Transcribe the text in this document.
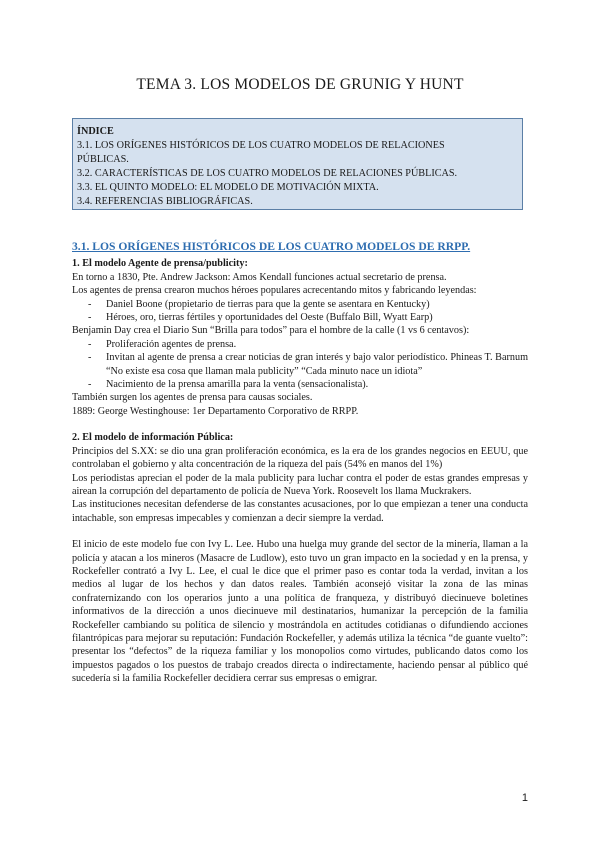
TEMA 3. LOS MODELOS DE GRUNIG Y HUNT
ÍNDICE
3.1. LOS ORÍGENES HISTÓRICOS DE LOS CUATRO MODELOS DE RELACIONES
PÚBLICAS.
3.2. CARACTERÍSTICAS DE LOS CUATRO MODELOS DE RELACIONES PÚBLICAS.
3.3. EL QUINTO MODELO: EL MODELO DE MOTIVACIÓN MIXTA.
3.4. REFERENCIAS BIBLIOGRÁFICAS.
3.1. LOS ORÍGENES HISTÓRICOS DE LOS CUATRO MODELOS DE RRPP.

1. El modelo Agente de prensa/publicity:

En torno a 1830, Pte. Andrew Jackson: Amos Kendall funciones actual secretario de prensa.

Los agentes de prensa crearon muchos héroes populares acrecentando mitos y fabricando leyendas:

- Daniel Boone (propietario de tierras para que la gente se asentara en Kentucky)
- Héroes, oro, tierras fértiles y oportunidades del Oeste (Buffalo Bill, Wyatt Earp)

Benjamin Day crea el Diario Sun “Brilla para todos” para el hombre de la calle (1 vs 6 centavos):

- Proliferación agentes de prensa.
- Invitan al agente de prensa a crear noticias de gran interés y bajo valor periodístico. Phineas T. Barnum “No existe esa cosa que llaman mala publicity” “Cada minuto nace un idiota”
- Nacimiento de la prensa amarilla para la venta (sensacionalista).

También surgen los agentes de prensa para causas sociales.

1889: George Westinghouse: 1er Departamento Corporativo de RRPP.

2. El modelo de información Pública:

Principios del S.XX: se dio una gran proliferación económica, es la era de los grandes negocios en EEUU, que controlaban el gobierno y alta concentración de la riqueza del país (54% en manos del 1%)

Los periodistas aprecian el poder de la mala publicity para luchar contra el poder de estas grandes empresas y airean la corrupción del departamento de policía de Nueva York. Roosevelt los llama Muckrakers.

Las instituciones necesitan defenderse de las constantes acusaciones, por lo que empiezan a tener una conducta intachable, son empresas impecables y comienzan a decir siempre la verdad.

El inicio de este modelo fue con Ivy L. Lee. Hubo una huelga muy grande del sector de la minería, llaman a la policía y atacan a los mineros (Masacre de Ludlow), esto tuvo un gran impacto en la sociedad y en la prensa, y Rockefeller contrató a Ivy L. Lee, el cual le dice que el primer paso es contar toda la verdad, invitan a los medios al lugar de los hechos y dan datos reales. También aconsejó visitar la zona de las minas confraternizando con los operarios junto a una política de franqueza, y distribuyó diecinueve boletines informativos de la dirección a unos diecinueve mil destinatarios, humanizar la percepción de la familia Rockefeller cambiando su política de silencio y mostrándola en actitudes cotidianas o difundiendo acciones filantrópicas para mejorar su reputación: Fundación Rockefeller, y además utiliza la técnica “de guante vuelto”: presentar los “defectos” de la riqueza familiar y los monopolios como virtudes, publicando datos como los impuestos pagados o los puestos de trabajo creados directa o indirectamente, haciendo pensar al público qué sucedería si la familia Rockefeller decidiera cerrar sus empresas o emigrar.

1
